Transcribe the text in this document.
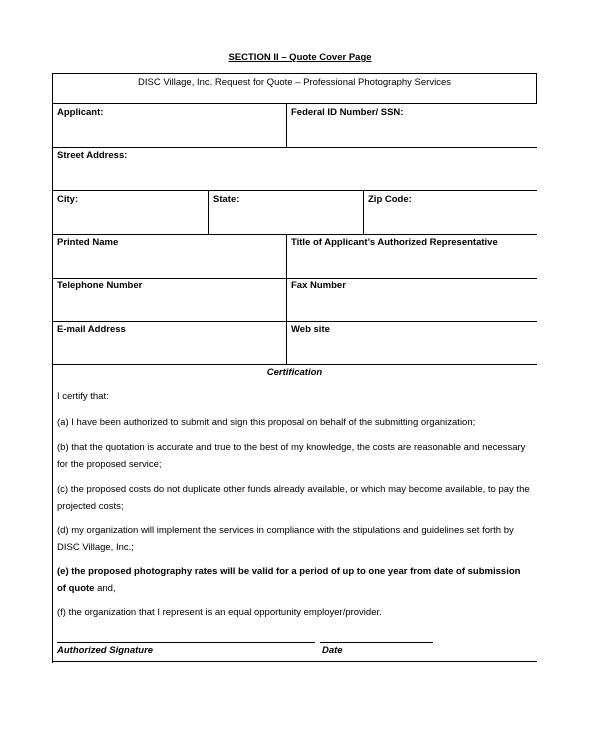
SECTION II – Quote Cover Page
DISC Village, Inc. Request for Quote – Professional Photography Services
Applicant:	Federal ID Number/ SSN:
Street Address:
City:	State:	Zip Code:
Printed Name	Title of Applicant’s Authorized Representative
Telephone Number	Fax Number
E-mail Address	Web site
Certification
I certify that:
(a) I have been authorized to submit and sign this proposal on behalf of the submitting organization;
(b) that the quotation is accurate and true to the best of my knowledge, the costs are reasonable and necessary for the proposed service;
(c) the proposed costs do not duplicate other funds already available, or which may become available, to pay the projected costs;
(d) my organization will implement the services in compliance with the stipulations and guidelines set forth by DISC Village, Inc.;
(e) the proposed photography rates will be valid for a period of up to one year from date of submission of quote and,
(f) the organization that I represent is an equal opportunity employer/provider.
Authorized Signature	Date
